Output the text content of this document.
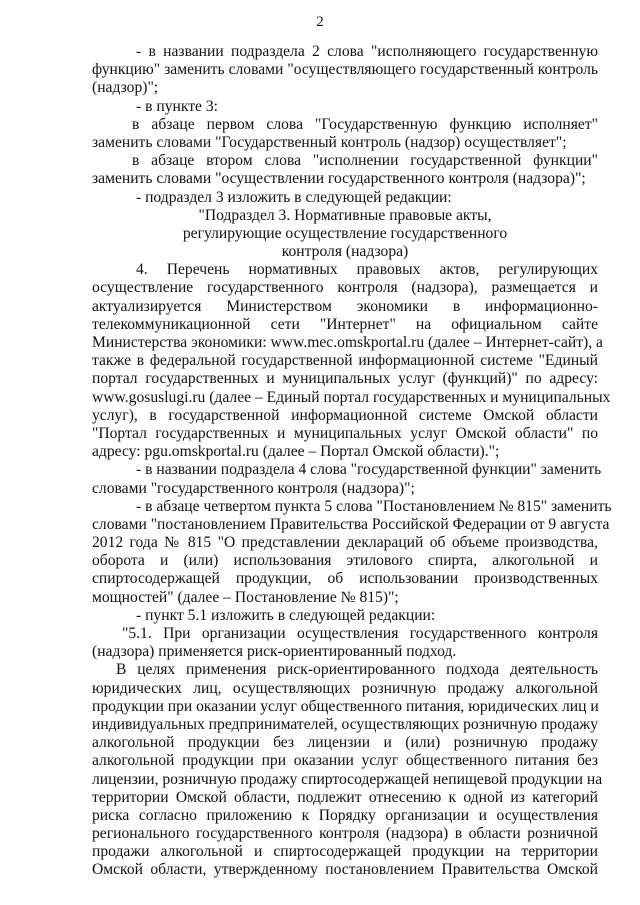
2
- в названии подраздела 2 слова "исполняющего государственную
функцию" заменить словами "осуществляющего государственный контроль
(надзор)";
- в пункте 3:
в абзаце первом слова "Государственную функцию исполняет"
заменить словами "Государственный контроль (надзор) осуществляет";
в абзаце втором слова "исполнении государственной функции"
заменить словами "осуществлении государственного контроля (надзора)";
- подраздел 3 изложить в следующей редакции:
"Подраздел 3. Нормативные правовые акты,
регулирующие осуществление государственного
контроля (надзора)
4. Перечень нормативных правовых актов, регулирующих
осуществление государственного контроля (надзора), размещается и
актуализируется Министерством экономики в информационно-
телекоммуникационной сети "Интернет" на официальном сайте
Министерства экономики: www.mec.omskportal.ru (далее – Интернет-сайт), а
также в федеральной государственной информационной системе "Единый
портал государственных и муниципальных услуг (функций)" по адресу:
www.gosuslugi.ru (далее – Единый портал государственных и муниципальных
услуг), в государственной информационной системе Омской области
"Портал государственных и муниципальных услуг Омской области" по
адресу: pgu.omskportal.ru (далее – Портал Омской области).";
- в названии подраздела 4 слова "государственной функции" заменить
словами "государственного контроля (надзора)";
- в абзаце четвертом пункта 5 слова "Постановлением № 815" заменить
словами "постановлением Правительства Российской Федерации от 9 августа
2012 года № 815 "О представлении деклараций об объеме производства,
оборота и (или) использования этилового спирта, алкогольной и
спиртосодержащей продукции, об использовании производственных
мощностей" (далее – Постановление № 815)";
- пункт 5.1 изложить в следующей редакции:
"5.1. При организации осуществления государственного контроля
(надзора) применяется риск-ориентированный подход.
В целях применения риск-ориентированного подхода деятельность
юридических лиц, осуществляющих розничную продажу алкогольной
продукции при оказании услуг общественного питания, юридических лиц и
индивидуальных предпринимателей, осуществляющих розничную продажу
алкогольной продукции без лицензии и (или) розничную продажу
алкогольной продукции при оказании услуг общественного питания без
лицензии, розничную продажу спиртосодержащей непищевой продукции на
территории Омской области, подлежит отнесению к одной из категорий
риска согласно приложению к Порядку организации и осуществления
регионального государственного контроля (надзора) в области розничной
продажи алкогольной и спиртосодержащей продукции на территории
Омской области, утвержденному постановлением Правительства Омской
